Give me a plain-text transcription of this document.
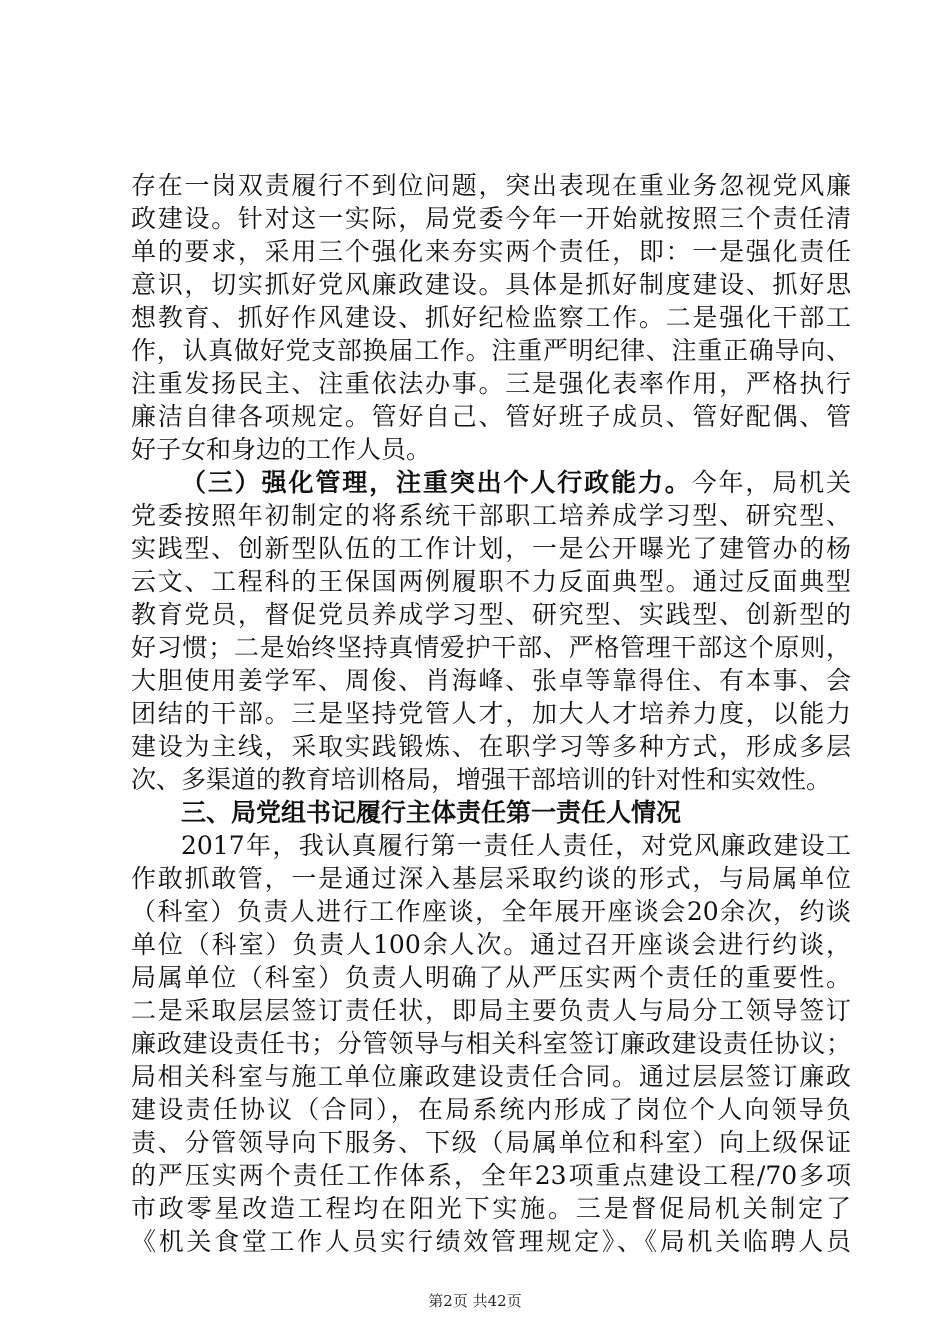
存在一岗双责履行不到位问题，突出表现在重业务忽视党风廉
政建设。针对这一实际，局党委今年一开始就按照三个责任清
单的要求，采用三个强化来夯实两个责任，即：一是强化责任
意识，切实抓好党风廉政建设。具体是抓好制度建设、抓好思
想教育、抓好作风建设、抓好纪检监察工作。二是强化干部工
作，认真做好党支部换届工作。注重严明纪律、注重正确导向、
注重发扬民主、注重依法办事。三是强化表率作用，严格执行
廉洁自律各项规定。管好自己、管好班子成员、管好配偶、管
好子女和身边的工作人员。
（三）强化管理，注重突出个人行政能力。今年，局机关
党委按照年初制定的将系统干部职工培养成学习型、研究型、
实践型、创新型队伍的工作计划，一是公开曝光了建管办的杨
云文、工程科的王保国两例履职不力反面典型。通过反面典型
教育党员，督促党员养成学习型、研究型、实践型、创新型的
好习惯；二是始终坚持真情爱护干部、严格管理干部这个原则，
大胆使用姜学军、周俊、肖海峰、张卓等靠得住、有本事、会
团结的干部。三是坚持党管人才，加大人才培养力度，以能力
建设为主线，采取实践锻炼、在职学习等多种方式，形成多层
次、多渠道的教育培训格局，增强干部培训的针对性和实效性。
三、局党组书记履行主体责任第一责任人情况
2017年，我认真履行第一责任人责任，对党风廉政建设工
作敢抓敢管，一是通过深入基层采取约谈的形式，与局属单位
（科室）负责人进行工作座谈，全年展开座谈会20余次，约谈
单位（科室）负责人100余人次。通过召开座谈会进行约谈，
局属单位（科室）负责人明确了从严压实两个责任的重要性。
二是采取层层签订责任状，即局主要负责人与局分工领导签订
廉政建设责任书；分管领导与相关科室签订廉政建设责任协议；
局相关科室与施工单位廉政建设责任合同。通过层层签订廉政
建设责任协议（合同），在局系统内形成了岗位个人向领导负
责、分管领导向下服务、下级（局属单位和科室）向上级保证
的严压实两个责任工作体系，全年23项重点建设工程/70多项
市政零星改造工程均在阳光下实施。三是督促局机关制定了
《机关食堂工作人员实行绩效管理规定》、《局机关临聘人员
第2页 共42页
